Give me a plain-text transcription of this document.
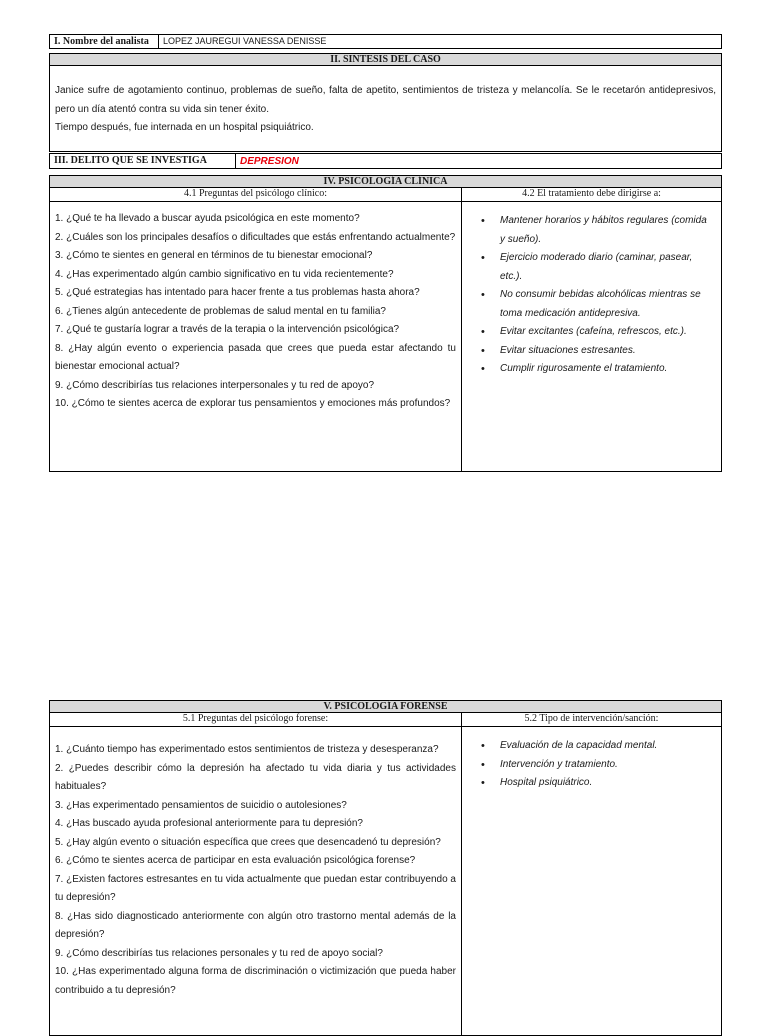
I. Nombre del analista	LOPEZ JAUREGUI VANESSA DENISSE
II. SINTESIS DEL CASO

Janice sufre de agotamiento continuo, problemas de sueño, falta de apetito, sentimientos de tristeza y melancolía. Se le recetarón antidepresivos, pero un día atentó contra su vida sin tener éxito.

Tiempo después, fue internada en un hospital psiquiátrico.

III. DELITO QUE SE INVESTIGA	DEPRESION
IV. PSICOLOGÍA CLÍNICA
4.1 Preguntas del psicólogo clínico:	4.2 El tratamiento debe dirigirse a:
1. ¿Qué te ha llevado a buscar ayuda psicológica en este momento?
2. ¿Cuáles son los principales desafíos o dificultades que estás enfrentando actualmente?
3. ¿Cómo te sientes en general en términos de tu bienestar emocional?
4. ¿Has experimentado algún cambio significativo en tu vida recientemente?
5. ¿Qué estrategias has intentado para hacer frente a tus problemas hasta ahora?
6. ¿Tienes algún antecedente de problemas de salud mental en tu familia?
7. ¿Qué te gustaría lograr a través de la terapia o la intervención psicológica?
8. ¿Hay algún evento o experiencia pasada que crees que pueda estar afectando tu bienestar emocional actual?
9. ¿Cómo describirías tus relaciones interpersonales y tu red de apoyo?
10. ¿Cómo te sientes acerca de explorar tus pensamientos y emociones más profundos?
• Mantener horarios y hábitos regulares (comida y sueño).
• Ejercicio moderado diario (caminar, pasear, etc.).
• No consumir bebidas alcohólicas mientras se toma medicación antidepresiva.
• Evitar excitantes (cafeína, refrescos, etc.).
• Evitar situaciones estresantes.
• Cumplir rigurosamente el tratamiento.
V. PSICOLOGÍA FORENSE
5.1 Preguntas del psicólogo forense:	5.2 Tipo de intervención/sanción:
1. ¿Cuánto tiempo has experimentado estos sentimientos de tristeza y desesperanza?
2. ¿Puedes describir cómo la depresión ha afectado tu vida diaria y tus actividades habituales?
3. ¿Has experimentado pensamientos de suicidio o autolesiones?
4. ¿Has buscado ayuda profesional anteriormente para tu depresión?
5. ¿Hay algún evento o situación específica que crees que desencadenó tu depresión?
6. ¿Cómo te sientes acerca de participar en esta evaluación psicológica forense?
7. ¿Existen factores estresantes en tu vida actualmente que puedan estar contribuyendo a tu depresión?
8. ¿Has sido diagnosticado anteriormente con algún otro trastorno mental además de la depresión?
9. ¿Cómo describirías tus relaciones personales y tu red de apoyo social?
10. ¿Has experimentado alguna forma de discriminación o victimización que pueda haber contribuido a tu depresión?
• Evaluación de la capacidad mental.
• Intervención y tratamiento.
• Hospital psiquiátrico.
